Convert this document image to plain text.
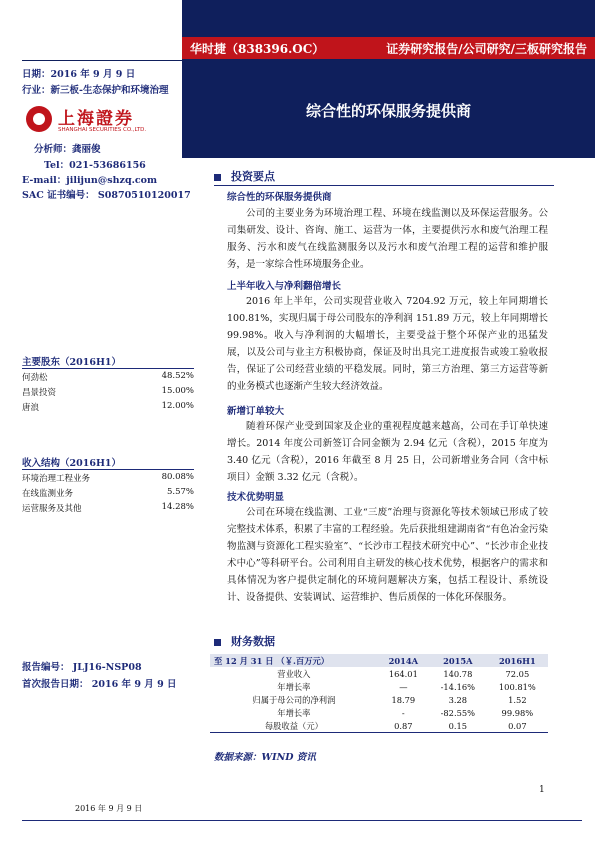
华时捷（838396.OC）	证券研究报告/公司研究/三板研究报告
综合性的环保服务提供商
日期：2016 年 9 月 9 日
行业：新三板-生态保护和环境治理
上海證券
SHANGHAI SECURITIES CO.,LTD.
分析师：龚丽俊
Tel：021-53686156
E-mail：jilijun@shzq.com
SAC 证书编号： S0870510120017
主要股东（2016H1）
何劲松	48.52%
昌景投资	15.00%
唐浪	12.00%
收入结构（2016H1）
环境治理工程业务	80.08%
在线监测业务	5.57%
运营服务及其他	14.28%
报告编号： JLJ16-NSP08
首次报告日期： 2016 年 9 月 9 日
投资要点
综合性的环保服务提供商
公司的主要业务为环境治理工程、环境在线监测以及环保运营服务。公司集研发、设计、咨询、施工、运营为一体，主要提供污水和废气治理工程服务、污水和废气在线监测服务以及污水和废气治理工程的运营和维护服务，是一家综合性环境服务企业。
上半年收入与净利翻倍增长
2016 年上半年，公司实现营业收入 7204.92 万元，较上年同期增长 100.81%，实现归属于母公司股东的净利润 151.89 万元，较上年同期增长 99.98%。收入与净利润的大幅增长，主要受益于整个环保产业的迅猛发展，以及公司与业主方积极协商，保证及时出具完工进度报告或竣工验收报告，保证了公司经营业绩的平稳发展。同时，第三方治理、第三方运营等新的业务模式也逐渐产生较大经济效益。
新增订单较大
随着环保产业受到国家及企业的重视程度越来越高，公司在手订单快速增长。2014 年度公司新签订合同金额为 2.94 亿元（含税），2015 年度为 3.40 亿元（含税），2016 年截至 8 月 25 日，公司新增业务合同（含中标项目）金额 3.32 亿元（含税）。
技术优势明显
公司在环境在线监测、工业“三废”治理与资源化等技术领域已形成了较完整技术体系，积累了丰富的工程经验。先后获批组建湖南省“有色冶金污染物监测与资源化工程实验室”、“长沙市工程技术研究中心”、“长沙市企业技术中心”等科研平台。公司利用自主研发的核心技术优势，根据客户的需求和具体情况为客户提供定制化的环境问题解决方案，包括工程设计、系统设计、设备提供、安装调试、运营维护、售后质保的一体化环保服务。
财务数据
至 12 月 31 日 （￥.百万元）	2014A	2015A	2016H1
营业收入	164.01	140.78	72.05
年增长率	—	-14.16%	100.81%
归属于母公司的净利润	18.79	3.28	1.52
年增长率	-	-82.55%	99.98%
每股收益（元）	0.87	0.15	0.07
数据来源：WIND 资讯
2016 年 9 月 9 日
1
